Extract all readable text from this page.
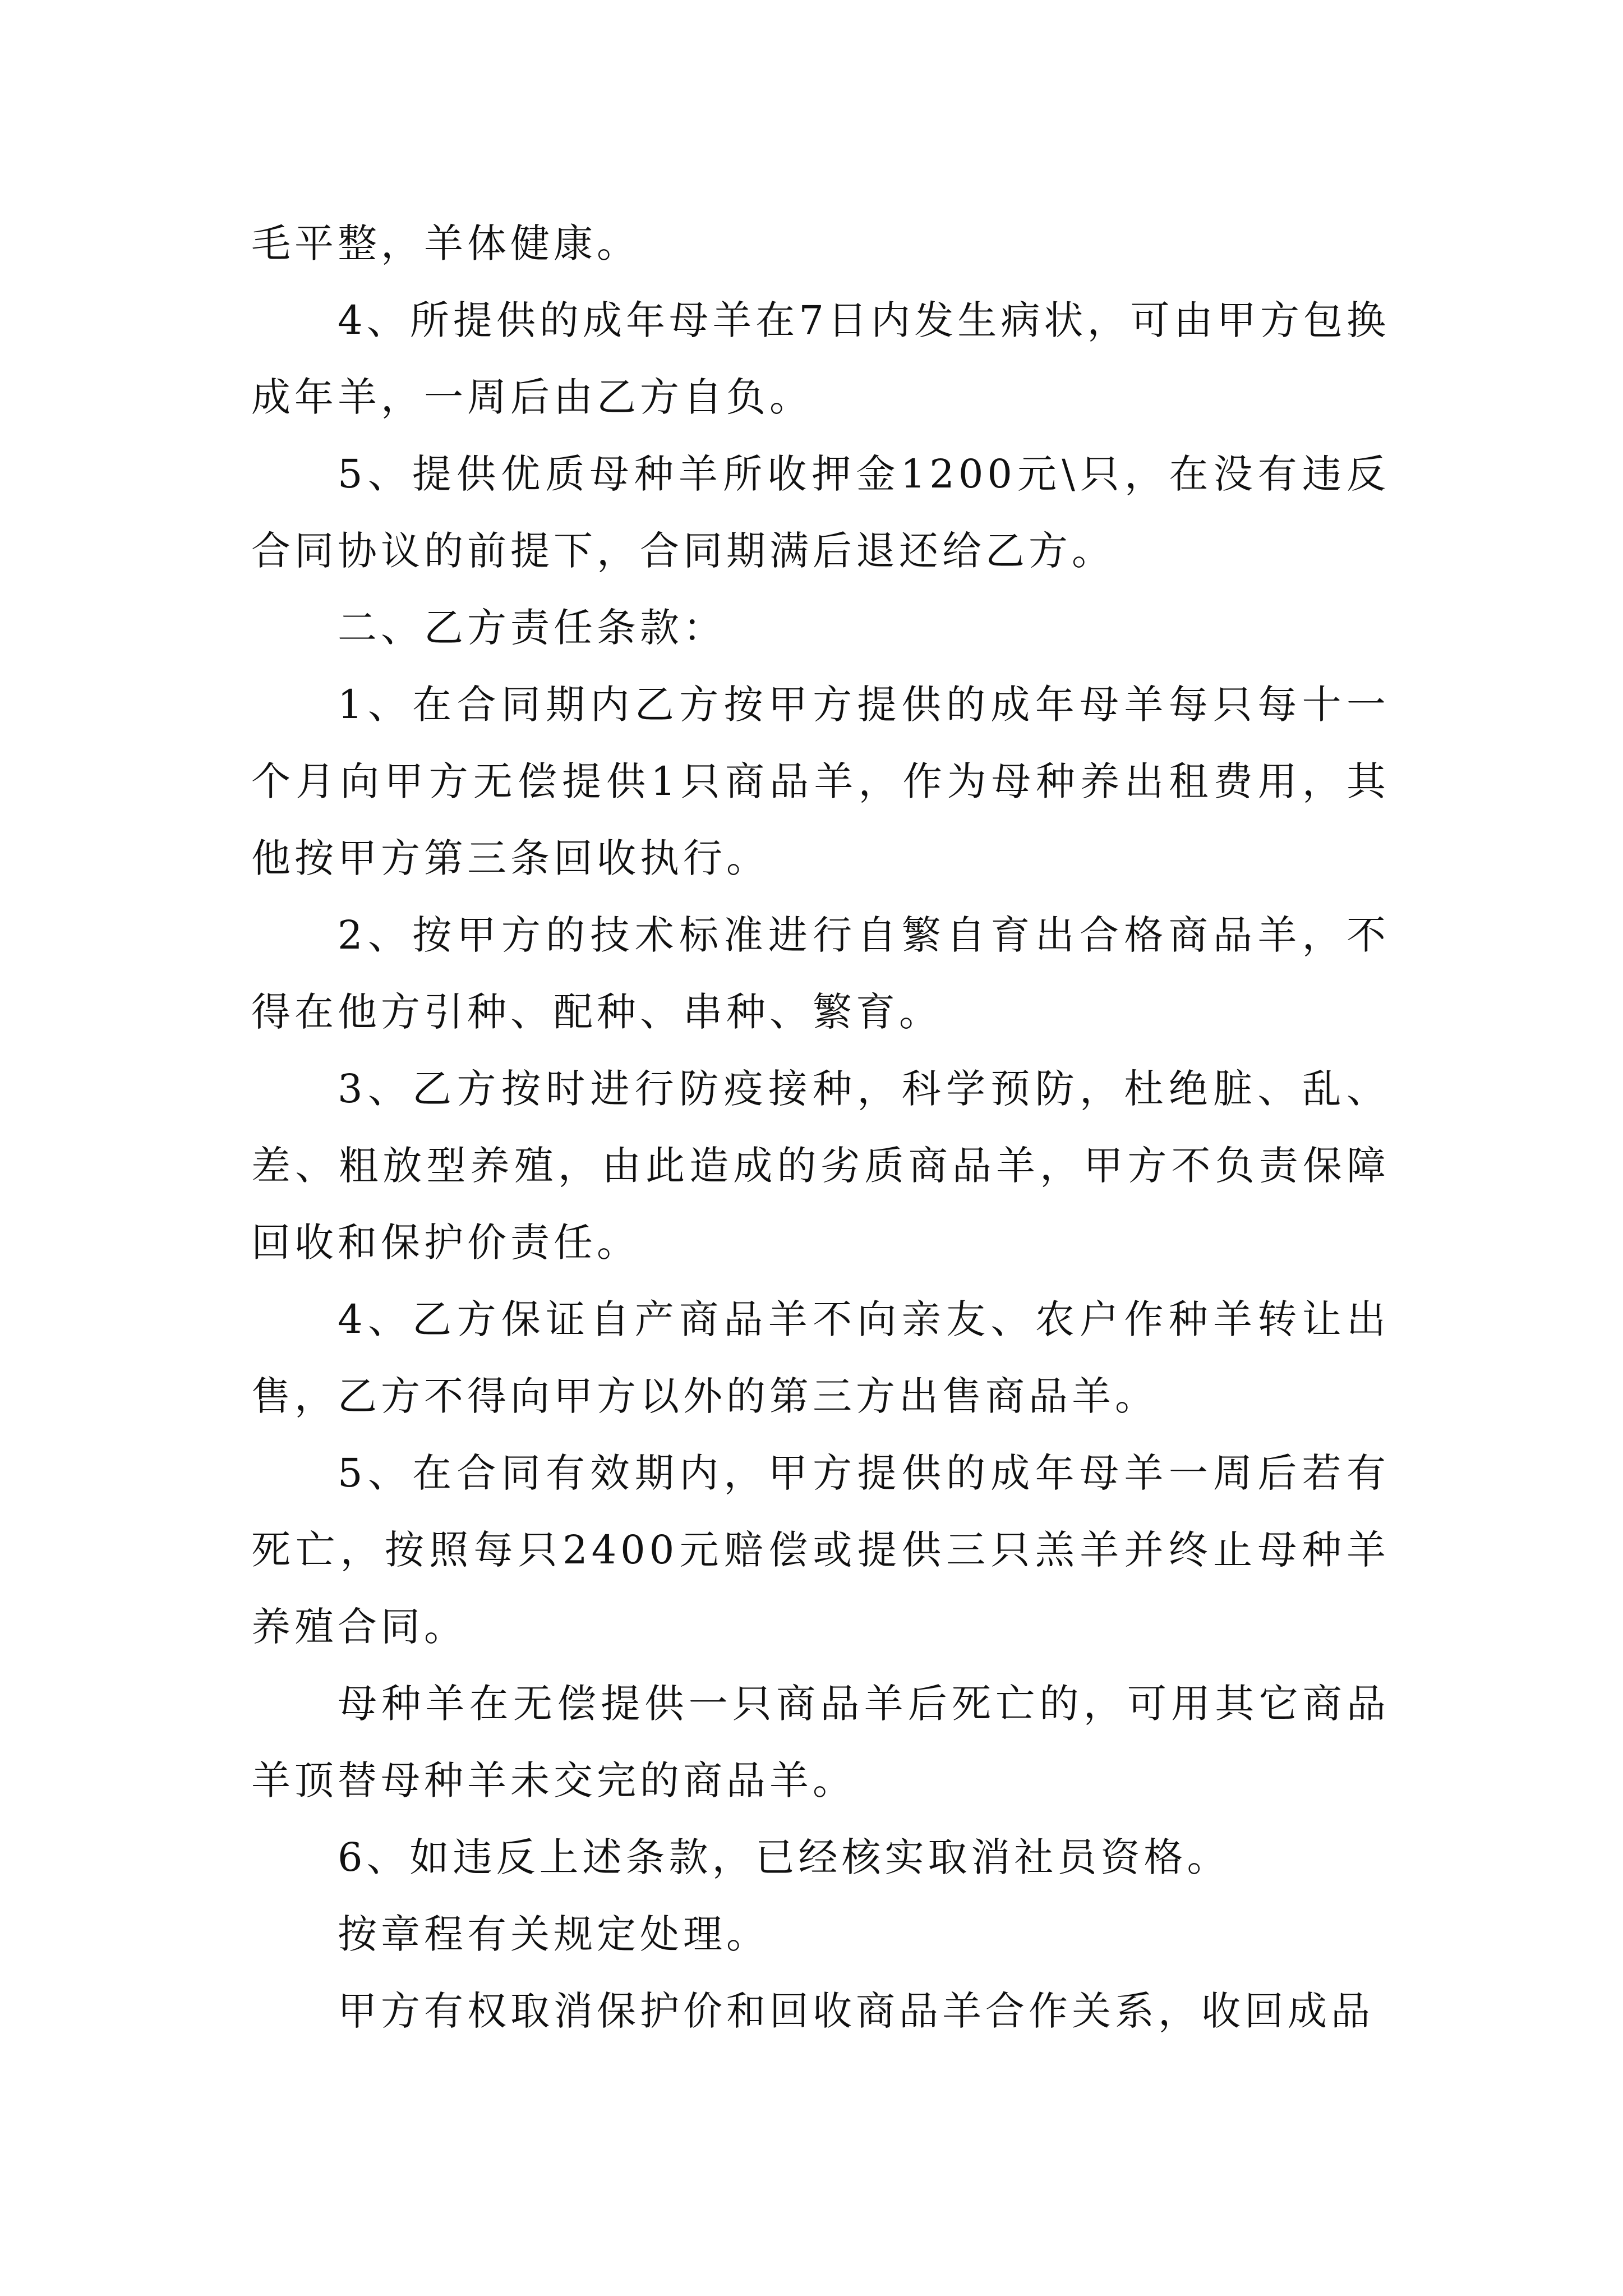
毛平整，羊体健康。

4、所提供的成年母羊在7日内发生病状，可由甲方包换成年羊，一周后由乙方自负。

5、提供优质母种羊所收押金1200元\只，在没有违反合同协议的前提下，合同期满后退还给乙方。

二、乙方责任条款：

1、在合同期内乙方按甲方提供的成年母羊每只每十一个月向甲方无偿提供1只商品羊，作为母种养出租费用，其他按甲方第三条回收执行。

2、按甲方的技术标准进行自繁自育出合格商品羊，不得在他方引种、配种、串种、繁育。

3、乙方按时进行防疫接种，科学预防，杜绝脏、乱、差、粗放型养殖，由此造成的劣质商品羊，甲方不负责保障回收和保护价责任。

4、乙方保证自产商品羊不向亲友、农户作种羊转让出售，乙方不得向甲方以外的第三方出售商品羊。

5、在合同有效期内，甲方提供的成年母羊一周后若有死亡，按照每只2400元赔偿或提供三只羔羊并终止母种羊养殖合同。

母种羊在无偿提供一只商品羊后死亡的，可用其它商品羊顶替母种羊未交完的商品羊。

6、如违反上述条款，已经核实取消社员资格。

按章程有关规定处理。

甲方有权取消保护价和回收商品羊合作关系，收回成品
